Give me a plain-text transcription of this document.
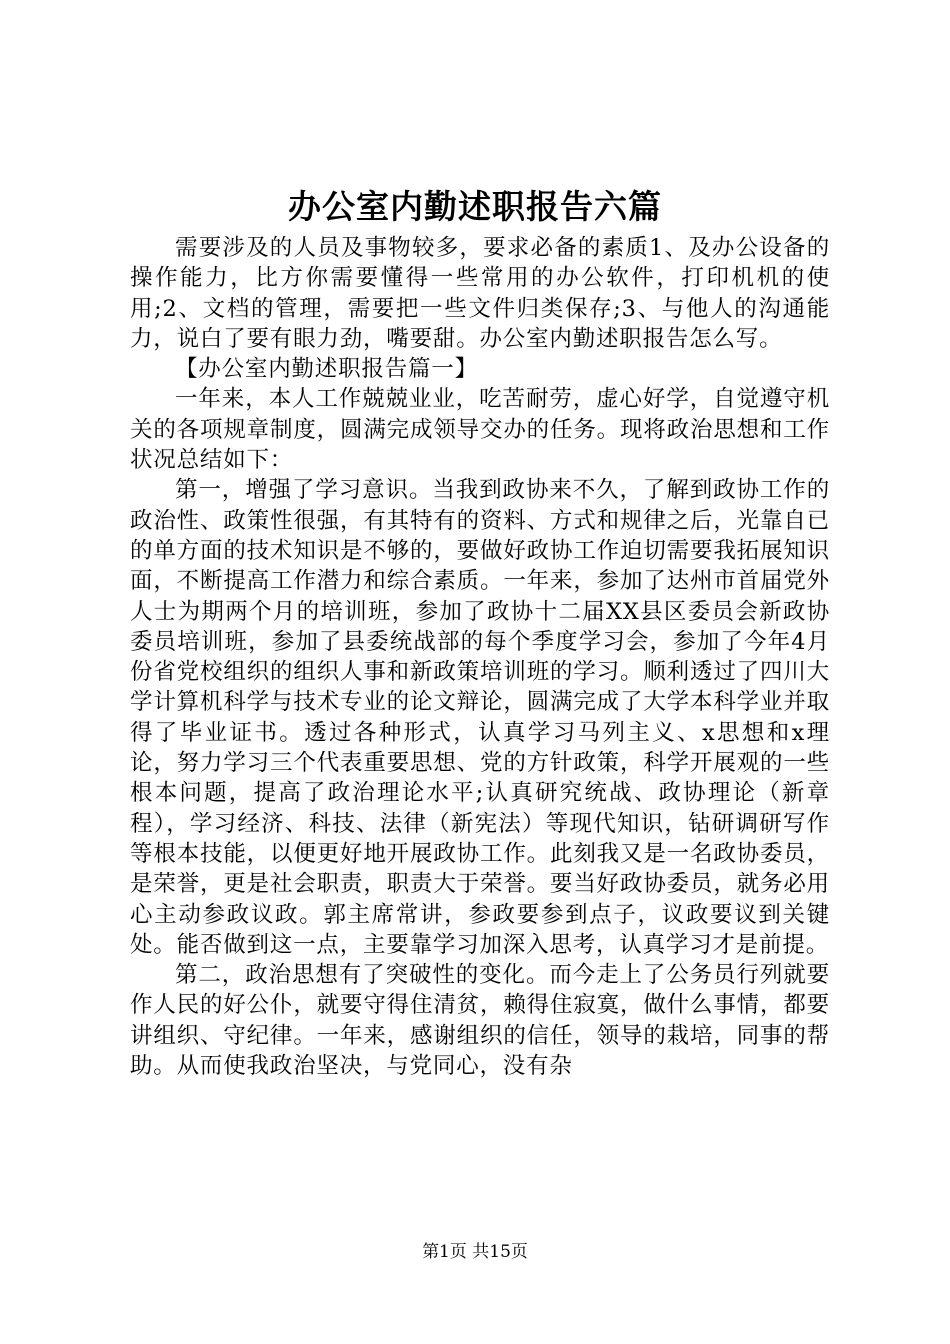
办公室内勤述职报告六篇

需要涉及的人员及事物较多，要求必备的素质1、及办公设备的操作能力，比方你需要懂得一些常用的办公软件，打印机机的使用;2、文档的管理，需要把一些文件归类保存;3、与他人的沟通能力，说白了要有眼力劲，嘴要甜。办公室内勤述职报告怎么写。

【办公室内勤述职报告篇一】

一年来，本人工作兢兢业业，吃苦耐劳，虚心好学，自觉遵守机关的各项规章制度，圆满完成领导交办的任务。现将政治思想和工作状况总结如下：

第一，增强了学习意识。当我到政协来不久，了解到政协工作的政治性、政策性很强，有其特有的资料、方式和规律之后，光靠自已的单方面的技术知识是不够的，要做好政协工作迫切需要我拓展知识面，不断提高工作潜力和综合素质。一年来，参加了达州市首届党外人士为期两个月的培训班，参加了政协十二届XX县区委员会新政协委员培训班，参加了县委统战部的每个季度学习会，参加了今年4月份省党校组织的组织人事和新政策培训班的学习。顺利透过了四川大学计算机科学与技术专业的论文辩论，圆满完成了大学本科学业并取得了毕业证书。透过各种形式，认真学习马列主义、x思想和x理论，努力学习三个代表重要思想、党的方针政策，科学开展观的一些根本问题，提高了政治理论水平;认真研究统战、政协理论（新章程），学习经济、科技、法律（新宪法）等现代知识，钻研调研写作等根本技能，以便更好地开展政协工作。此刻我又是一名政协委员，是荣誉，更是社会职责，职责大于荣誉。要当好政协委员，就务必用心主动参政议政。郭主席常讲，参政要参到点子，议政要议到关键处。能否做到这一点，主要靠学习加深入思考，认真学习才是前提。

第二，政治思想有了突破性的变化。而今走上了公务员行列就要作人民的好公仆，就要守得住清贫，赖得住寂寞，做什么事情，都要讲组织、守纪律。一年来，感谢组织的信任，领导的栽培，同事的帮助。从而使我政治坚决，与党同心，没有杂

第1页 共15页
